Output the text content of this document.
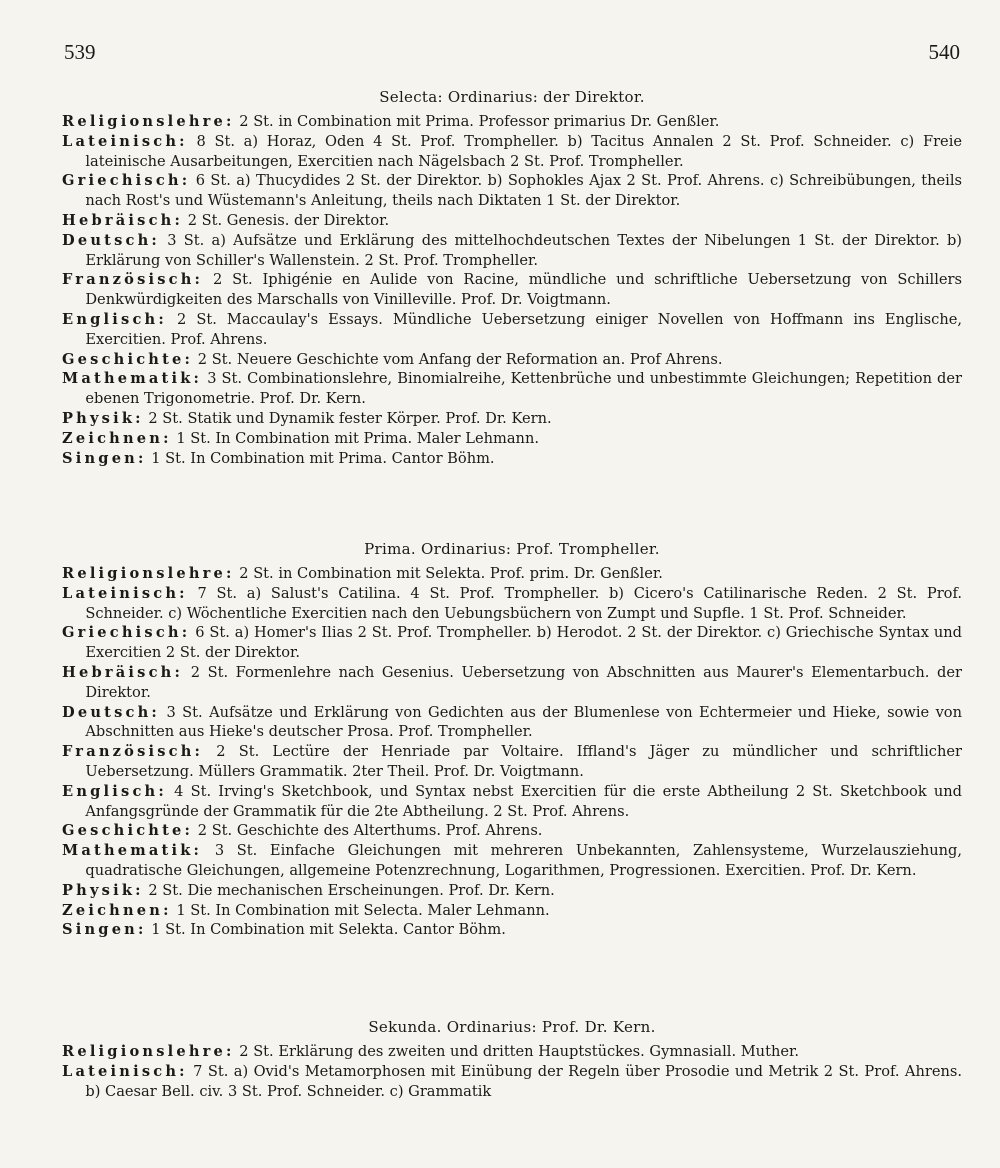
539	540
Selecta: Ordinarius: der Direktor.

Religionslehre: 2 St. in Combination mit Prima. Professor primarius Dr. Genßler.

Lateinisch: 8 St. a) Horaz, Oden 4 St. Prof. Trompheller. b) Tacitus Annalen 2 St. Prof. Schneider. c) Freie lateinische Ausarbeitungen, Exercitien nach Nägelsbach 2 St. Prof. Trompheller.

Griechisch: 6 St. a) Thucydides 2 St. der Direktor. b) Sophokles Ajax 2 St. Prof. Ahrens. c) Schreibübungen, theils nach Rost's und Wüstemann's Anleitung, theils nach Diktaten 1 St. der Direktor.

Hebräisch: 2 St. Genesis. der Direktor.

Deutsch: 3 St. a) Aufsätze und Erklärung des mittelhochdeutschen Textes der Nibelungen 1 St. der Direktor. b) Erklärung von Schiller's Wallenstein. 2 St. Prof. Trompheller.

Französisch: 2 St. Iphigénie en Aulide von Racine, mündliche und schriftliche Uebersetzung von Schillers Denkwürdigkeiten des Marschalls von Vinilleville. Prof. Dr. Voigtmann.

Englisch: 2 St. Maccaulay's Essays. Mündliche Uebersetzung einiger Novellen von Hoffmann ins Englische, Exercitien. Prof. Ahrens.

Geschichte: 2 St. Neuere Geschichte vom Anfang der Reformation an. Prof Ahrens.

Mathematik: 3 St. Combinationslehre, Binomialreihe, Kettenbrüche und unbestimmte Gleichungen; Repetition der ebenen Trigonometrie. Prof. Dr. Kern.

Physik: 2 St. Statik und Dynamik fester Körper. Prof. Dr. Kern.

Zeichnen: 1 St. In Combination mit Prima. Maler Lehmann.

Singen: 1 St. In Combination mit Prima. Cantor Böhm.

Prima. Ordinarius: Prof. Trompheller.

Religionslehre: 2 St. in Combination mit Selekta. Prof. prim. Dr. Genßler.

Lateinisch: 7 St. a) Salust's Catilina. 4 St. Prof. Trompheller. b) Cicero's Catilinarische Reden. 2 St. Prof. Schneider. c) Wöchentliche Exercitien nach den Uebungsbüchern von Zumpt und Supfle. 1 St. Prof. Schneider.

Griechisch: 6 St. a) Homer's Ilias 2 St. Prof. Trompheller. b) Herodot. 2 St. der Direktor. c) Griechische Syntax und Exercitien 2 St. der Direktor.

Hebräisch: 2 St. Formenlehre nach Gesenius. Uebersetzung von Abschnitten aus Maurer's Elementarbuch. der Direktor.

Deutsch: 3 St. Aufsätze und Erklärung von Gedichten aus der Blumenlese von Echtermeier und Hieke, sowie von Abschnitten aus Hieke's deutscher Prosa. Prof. Trompheller.

Französisch: 2 St. Lectüre der Henriade par Voltaire. Iffland's Jäger zu mündlicher und schriftlicher Uebersetzung. Müllers Grammatik. 2ter Theil. Prof. Dr. Voigtmann.

Englisch: 4 St. Irving's Sketchbook, und Syntax nebst Exercitien für die erste Abtheilung 2 St. Sketchbook und Anfangsgründe der Grammatik für die 2te Abtheilung. 2 St. Prof. Ahrens.

Geschichte: 2 St. Geschichte des Alterthums. Prof. Ahrens.

Mathematik: 3 St. Einfache Gleichungen mit mehreren Unbekannten, Zahlensysteme, Wurzelausziehung, quadratische Gleichungen, allgemeine Potenzrechnung, Logarithmen, Progressionen. Exercitien. Prof. Dr. Kern.

Physik: 2 St. Die mechanischen Erscheinungen. Prof. Dr. Kern.

Zeichnen: 1 St. In Combination mit Selecta. Maler Lehmann.

Singen: 1 St. In Combination mit Selekta. Cantor Böhm.

Sekunda. Ordinarius: Prof. Dr. Kern.

Religionslehre: 2 St. Erklärung des zweiten und dritten Hauptstückes. Gymnasiall. Muther.

Lateinisch: 7 St. a) Ovid's Metamorphosen mit Einübung der Regeln über Prosodie und Metrik 2 St. Prof. Ahrens. b) Caesar Bell. civ. 3 St. Prof. Schneider. c) Grammatik
